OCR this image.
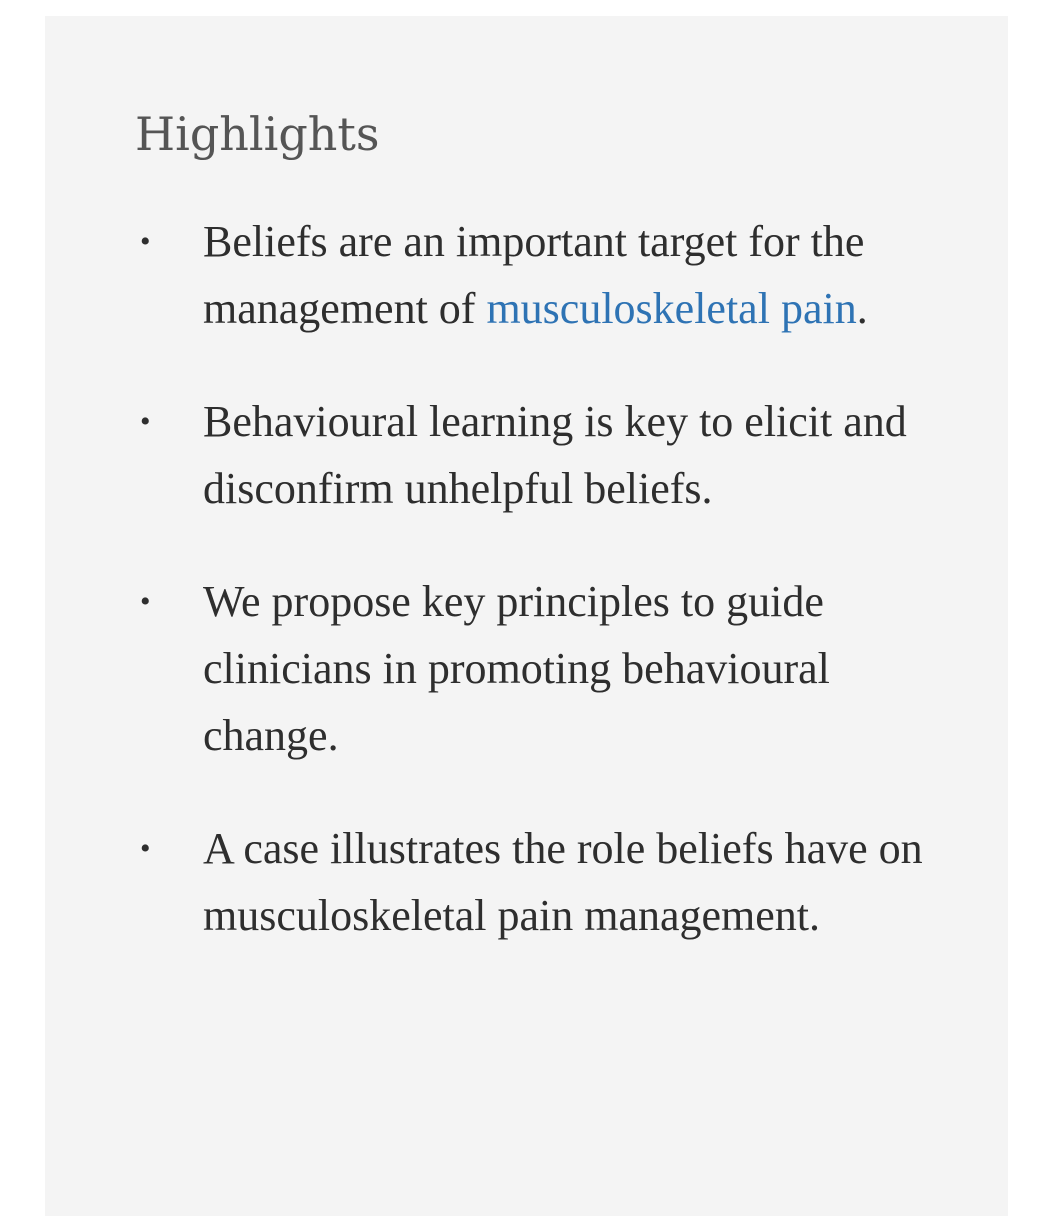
Highlights
• Beliefs are an important target for the management of musculoskeletal pain.
• Behavioural learning is key to elicit and disconfirm unhelpful beliefs.
• We propose key principles to guide clinicians in promoting behavioural change.
• A case illustrates the role beliefs have on musculoskeletal pain management.
